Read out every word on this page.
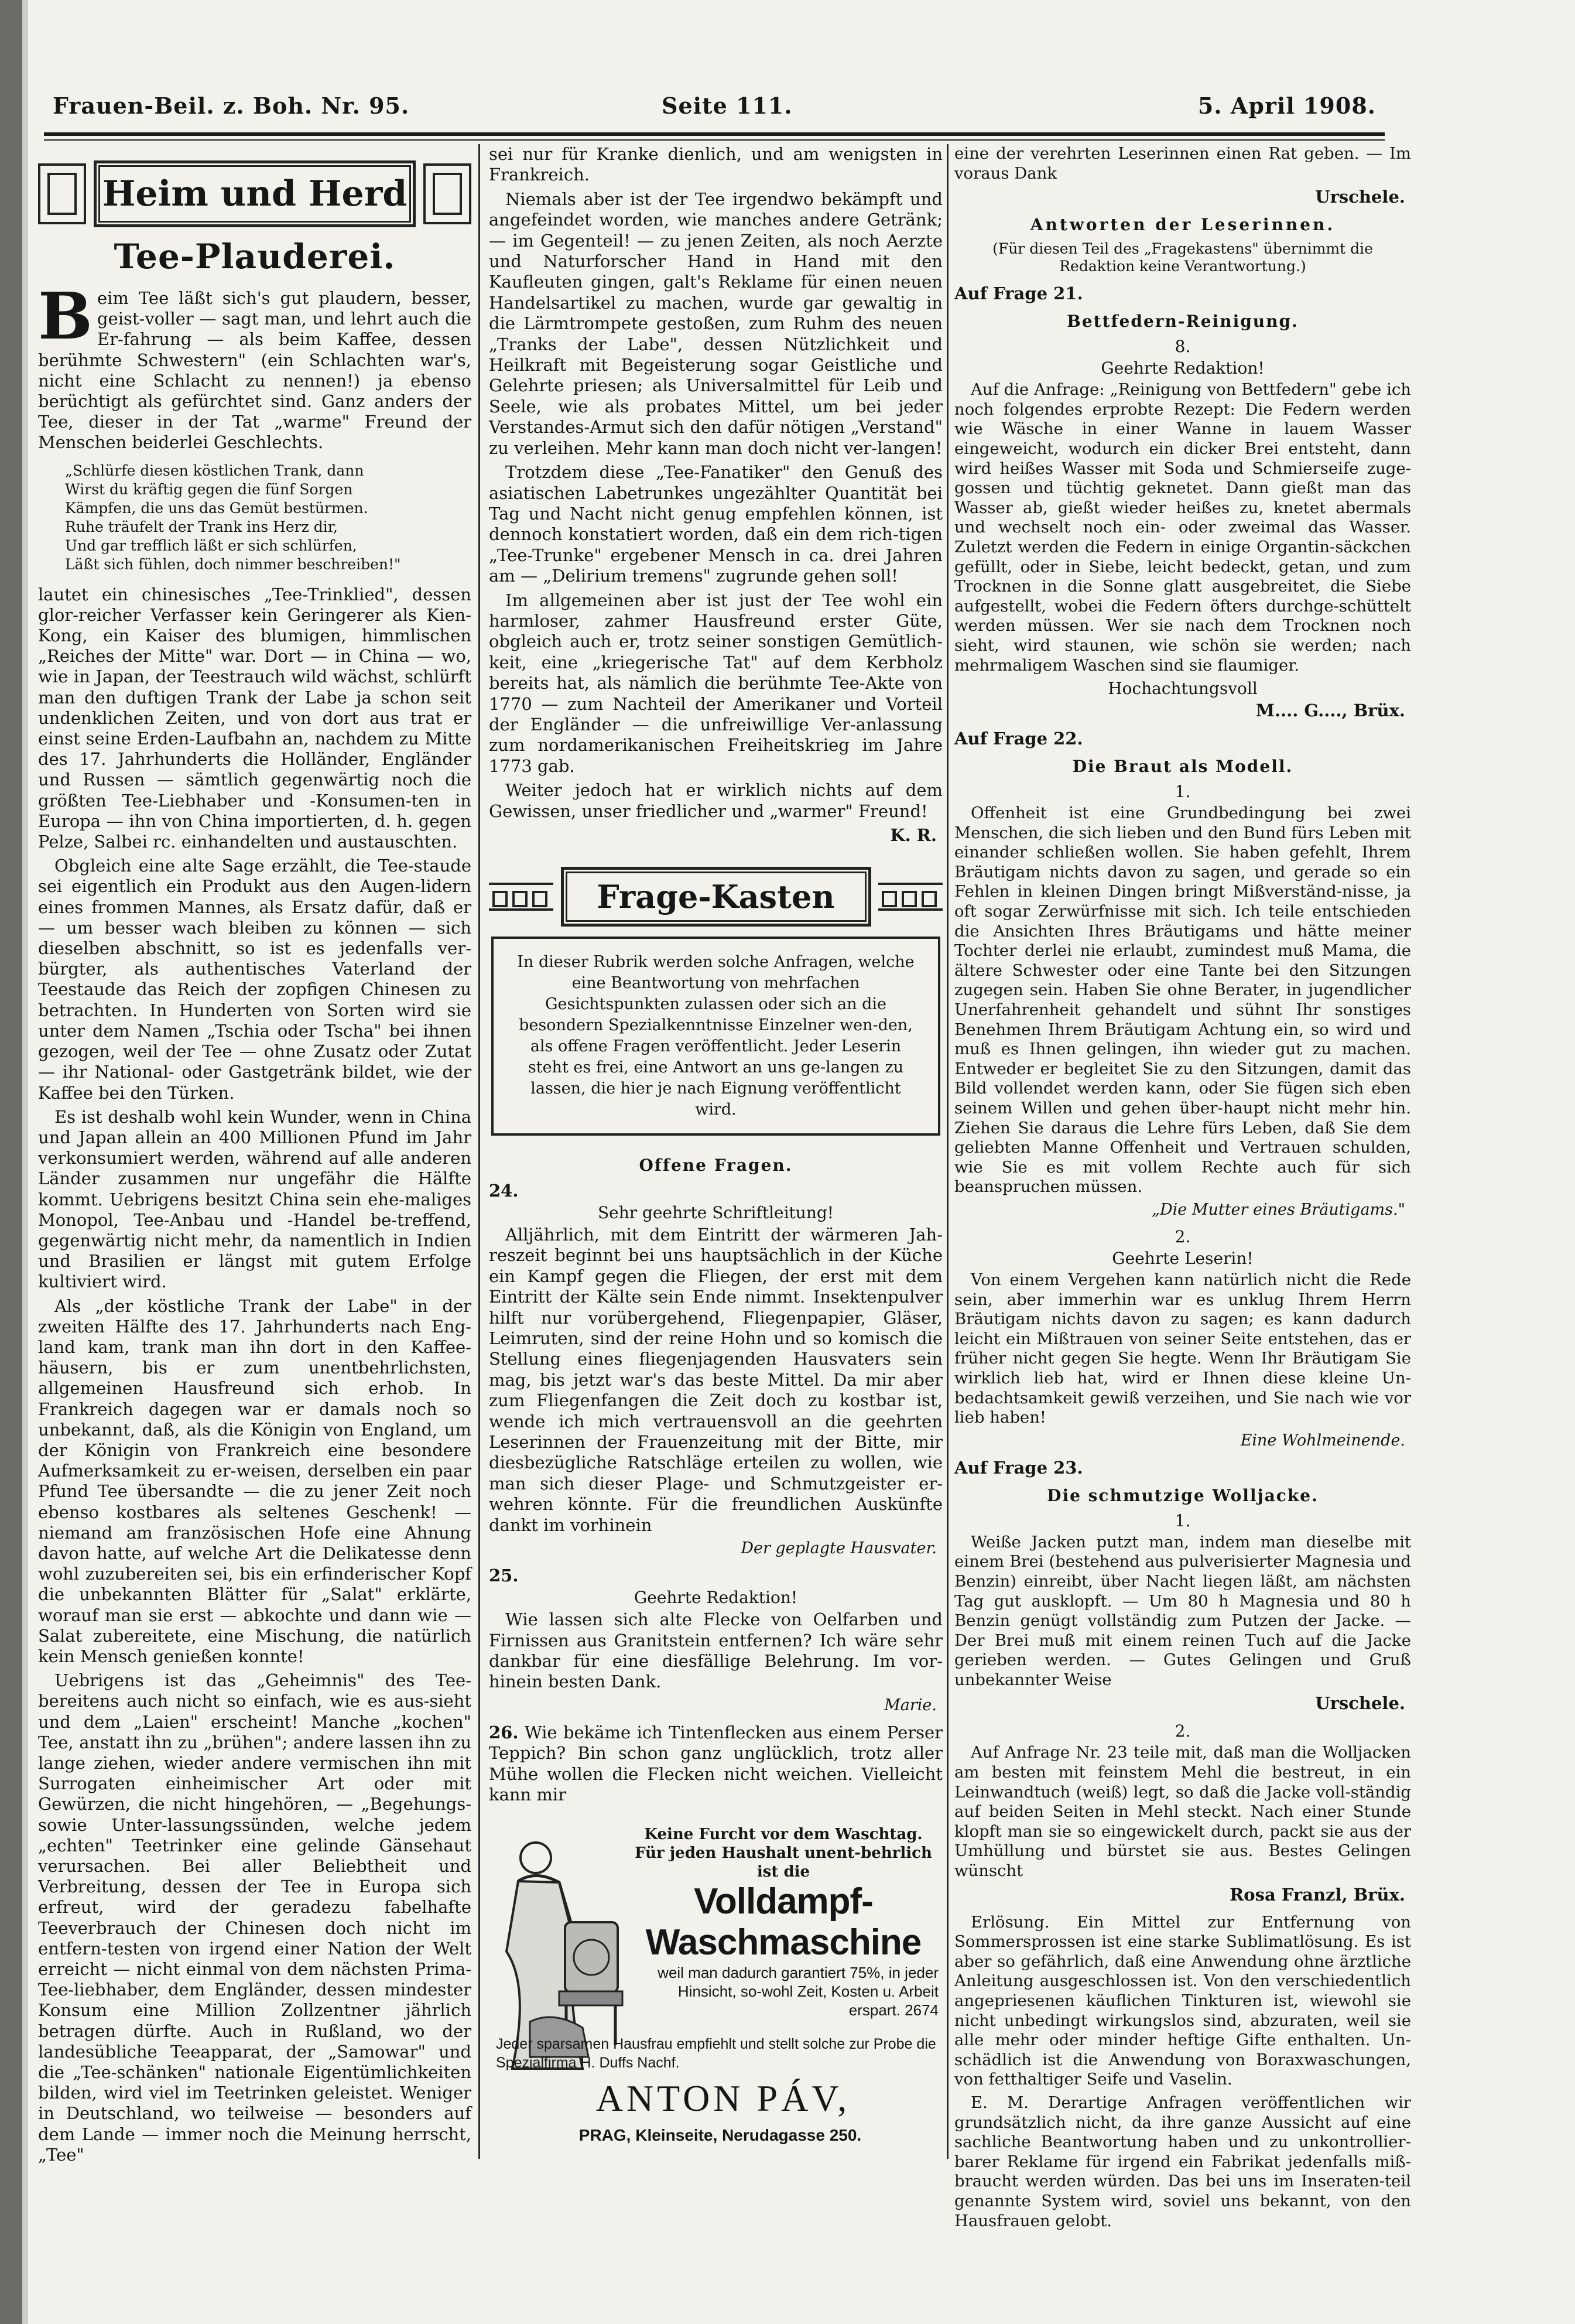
Frauen-Beil. z. Boh. Nr. 95.	Seite 111.	5. April 1908.
Heim und Herd
Tee-Plauderei.

Beim Tee läßt sich's gut plaudern, besser, geist-voller — sagt man, und lehrt auch die Er-fahrung — als beim Kaffee, dessen berühmte Schwestern" (ein Schlachten war's, nicht eine Schlacht zu nennen!) ja ebenso berüchtigt als gefürchtet sind. Ganz anders der Tee, dieser in der Tat „warme" Freund der Menschen beiderlei Geschlechts.

„Schlürfe diesen köstlichen Trank, dann
Wirst du kräftig gegen die fünf Sorgen
Kämpfen, die uns das Gemüt bestürmen.
Ruhe träufelt der Trank ins Herz dir,
Und gar trefflich läßt er sich schlürfen,
Läßt sich fühlen, doch nimmer beschreiben!"

lautet ein chinesisches „Tee-Trinklied", dessen glor-reicher Verfasser kein Geringerer als Kien-Kong, ein Kaiser des blumigen, himmlischen „Reiches der Mitte" war. Dort — in China — wo, wie in Japan, der Teestrauch wild wächst, schlürft man den duftigen Trank der Labe ja schon seit undenklichen Zeiten, und von dort aus trat er einst seine Erden-Laufbahn an, nachdem zu Mitte des 17. Jahrhunderts die Holländer, Engländer und Russen — sämtlich gegenwärtig noch die größten Tee-Liebhaber und -Konsumen-ten in Europa — ihn von China importierten, d. h. gegen Pelze, Salbei rc. einhandelten und austauschten.

Obgleich eine alte Sage erzählt, die Tee-staude sei eigentlich ein Produkt aus den Augen-lidern eines frommen Mannes, als Ersatz dafür, daß er — um besser wach bleiben zu können — sich dieselben abschnitt, so ist es jedenfalls ver-bürgter, als authentisches Vaterland der Teestaude das Reich der zopfigen Chinesen zu betrachten. In Hunderten von Sorten wird sie unter dem Namen „Tschia oder Tscha" bei ihnen gezogen, weil der Tee — ohne Zusatz oder Zutat — ihr National- oder Gastgetränk bildet, wie der Kaffee bei den Türken.

Es ist deshalb wohl kein Wunder, wenn in China und Japan allein an 400 Millionen Pfund im Jahr verkonsumiert werden, während auf alle anderen Länder zusammen nur ungefähr die Hälfte kommt. Uebrigens besitzt China sein ehe-maliges Monopol, Tee-Anbau und -Handel be-treffend, gegenwärtig nicht mehr, da namentlich in Indien und Brasilien er längst mit gutem Erfolge kultiviert wird.

Als „der köstliche Trank der Labe" in der zweiten Hälfte des 17. Jahrhunderts nach Eng-land kam, trank man ihn dort in den Kaffee-häusern, bis er zum unentbehrlichsten, allgemeinen Hausfreund sich erhob. In Frankreich dagegen war er damals noch so unbekannt, daß, als die Königin von England, um der Königin von Frankreich eine besondere Aufmerksamkeit zu er-weisen, derselben ein paar Pfund Tee übersandte — die zu jener Zeit noch ebenso kostbares als seltenes Geschenk! — niemand am französischen Hofe eine Ahnung davon hatte, auf welche Art die Delikatesse denn wohl zuzubereiten sei, bis ein erfinderischer Kopf die unbekannten Blätter für „Salat" erklärte, worauf man sie erst — abkochte und dann wie — Salat zubereitete, eine Mischung, die natürlich kein Mensch genießen konnte!

Uebrigens ist das „Geheimnis" des Tee-bereitens auch nicht so einfach, wie es aus-sieht und dem „Laien" erscheint! Manche „kochen" Tee, anstatt ihn zu „brühen"; andere lassen ihn zu lange ziehen, wieder andere vermischen ihn mit Surrogaten einheimischer Art oder mit Gewürzen, die nicht hingehören, — „Begehungs- sowie Unter-lassungssünden, welche jedem „echten" Teetrinker eine gelinde Gänsehaut verursachen. Bei aller Beliebtheit und Verbreitung, dessen der Tee in Europa sich erfreut, wird der geradezu fabelhafte Teeverbrauch der Chinesen doch nicht im entfern-testen von irgend einer Nation der Welt erreicht — nicht einmal von dem nächsten Prima-Tee-liebhaber, dem Engländer, dessen mindester Konsum eine Million Zollzentner jährlich betragen dürfte. Auch in Rußland, wo der landesübliche Teeapparat, der „Samowar" und die „Tee-schänken" nationale Eigentümlichkeiten bilden, wird viel im Teetrinken geleistet. Weniger in Deutschland, wo teilweise — besonders auf dem Lande — immer noch die Meinung herrscht, „Tee"

sei nur für Kranke dienlich, und am wenigsten in Frankreich.

Niemals aber ist der Tee irgendwo bekämpft und angefeindet worden, wie manches andere Getränk; — im Gegenteil! — zu jenen Zeiten, als noch Aerzte und Naturforscher Hand in Hand mit den Kaufleuten gingen, galt's Reklame für einen neuen Handelsartikel zu machen, wurde gar gewaltig in die Lärmtrompete gestoßen, zum Ruhm des neuen „Tranks der Labe", dessen Nützlichkeit und Heilkraft mit Begeisterung sogar Geistliche und Gelehrte priesen; als Universalmittel für Leib und Seele, wie als probates Mittel, um bei jeder Verstandes-Armut sich den dafür nötigen „Verstand" zu verleihen. Mehr kann man doch nicht ver-langen!

Trotzdem diese „Tee-Fanatiker" den Genuß des asiatischen Labetrunkes ungezählter Quantität bei Tag und Nacht nicht genug empfehlen können, ist dennoch konstatiert worden, daß ein dem rich-tigen „Tee-Trunke" ergebener Mensch in ca. drei Jahren am — „Delirium tremens" zugrunde gehen soll!

Im allgemeinen aber ist just der Tee wohl ein harmloser, zahmer Hausfreund erster Güte, obgleich auch er, trotz seiner sonstigen Gemütlich-keit, eine „kriegerische Tat" auf dem Kerbholz bereits hat, als nämlich die berühmte Tee-Akte von 1770 — zum Nachteil der Amerikaner und Vorteil der Engländer — die unfreiwillige Ver-anlassung zum nordamerikanischen Freiheitskrieg im Jahre 1773 gab.

Weiter jedoch hat er wirklich nichts auf dem Gewissen, unser friedlicher und „warmer" Freund!

K. R.
Frage-Kasten
In dieser Rubrik werden solche Anfragen, welche eine Beantwortung von mehrfachen Gesichtspunkten zulassen oder sich an die besondern Spezialkenntnisse Einzelner wen-den, als offene Fragen veröffentlicht. Jeder Leserin steht es frei, eine Antwort an uns ge-langen zu lassen, die hier je nach Eignung veröffentlicht wird.
Offene Fragen.
24.
Sehr geehrte Schriftleitung!

Alljährlich, mit dem Eintritt der wärmeren Jah-reszeit beginnt bei uns hauptsächlich in der Küche ein Kampf gegen die Fliegen, der erst mit dem Eintritt der Kälte sein Ende nimmt. Insektenpulver hilft nur vorübergehend, Fliegenpapier, Gläser, Leimruten, sind der reine Hohn und so komisch die Stellung eines fliegenjagenden Hausvaters sein mag, bis jetzt war's das beste Mittel. Da mir aber zum Fliegenfangen die Zeit doch zu kostbar ist, wende ich mich vertrauensvoll an die geehrten Leserinnen der Frauenzeitung mit der Bitte, mir diesbezügliche Ratschläge erteilen zu wollen, wie man sich dieser Plage- und Schmutzgeister er-wehren könnte. Für die freundlichen Auskünfte dankt im vorhinein

Der geplagte Hausvater.
25.
Geehrte Redaktion!

Wie lassen sich alte Flecke von Oelfarben und Firnissen aus Granitstein entfernen? Ich wäre sehr dankbar für eine diesfällige Belehrung. Im vor-hinein besten Dank.

Marie.

26. Wie bekäme ich Tintenflecken aus einem Perser Teppich? Bin schon ganz unglücklich, trotz aller Mühe wollen die Flecken nicht weichen. Vielleicht kann mir

Keine Furcht vor dem Waschtag.
Für jeden Haushalt unent-behrlich ist die
Volldampf-
Waschmaschine
weil man dadurch garantiert 75%, in jeder Hinsicht, so-wohl Zeit, Kosten u. Arbeit erspart. 2674
Jeder sparsamen Hausfrau empfiehlt und stellt solche zur Probe die Spezialfirma H. Duffs Nachf.
ANTON PÁV,
PRAG, Kleinseite, Nerudagasse 250.

eine der verehrten Leserinnen einen Rat geben. — Im voraus Dank

Urschele.
Antworten der Leserinnen.
(Für diesen Teil des „Fragekastens" übernimmt die Redaktion keine Verantwortung.)
Auf Frage 21.
Bettfedern-Reinigung.
8.
Geehrte Redaktion!

Auf die Anfrage: „Reinigung von Bettfedern" gebe ich noch folgendes erprobte Rezept: Die Federn werden wie Wäsche in einer Wanne in lauem Wasser eingeweicht, wodurch ein dicker Brei entsteht, dann wird heißes Wasser mit Soda und Schmierseife zuge-gossen und tüchtig geknetet. Dann gießt man das Wasser ab, gießt wieder heißes zu, knetet abermals und wechselt noch ein- oder zweimal das Wasser. Zuletzt werden die Federn in einige Organtin-säckchen gefüllt, oder in Siebe, leicht bedeckt, getan, und zum Trocknen in die Sonne glatt ausgebreitet, die Siebe aufgestellt, wobei die Federn öfters durchge-schüttelt werden müssen. Wer sie nach dem Trocknen noch sieht, wird staunen, wie schön sie werden; nach mehrmaligem Waschen sind sie flaumiger.

Hochachtungsvoll
M.... G...., Brüx.
Auf Frage 22.
Die Braut als Modell.
1.

Offenheit ist eine Grundbedingung bei zwei Menschen, die sich lieben und den Bund fürs Leben mit einander schließen wollen. Sie haben gefehlt, Ihrem Bräutigam nichts davon zu sagen, und gerade so ein Fehlen in kleinen Dingen bringt Mißverständ-nisse, ja oft sogar Zerwürfnisse mit sich. Ich teile entschieden die Ansichten Ihres Bräutigams und hätte meiner Tochter derlei nie erlaubt, zumindest muß Mama, die ältere Schwester oder eine Tante bei den Sitzungen zugegen sein. Haben Sie ohne Berater, in jugendlicher Unerfahrenheit gehandelt und sühnt Ihr sonstiges Benehmen Ihrem Bräutigam Achtung ein, so wird und muß es Ihnen gelingen, ihn wieder gut zu machen. Entweder er begleitet Sie zu den Sitzungen, damit das Bild vollendet werden kann, oder Sie fügen sich eben seinem Willen und gehen über-haupt nicht mehr hin. Ziehen Sie daraus die Lehre fürs Leben, daß Sie dem geliebten Manne Offenheit und Vertrauen schulden, wie Sie es mit vollem Rechte auch für sich beanspruchen müssen.

„Die Mutter eines Bräutigams."
2.
Geehrte Leserin!

Von einem Vergehen kann natürlich nicht die Rede sein, aber immerhin war es unklug Ihrem Herrn Bräutigam nichts davon zu sagen; es kann dadurch leicht ein Mißtrauen von seiner Seite entstehen, das er früher nicht gegen Sie hegte. Wenn Ihr Bräutigam Sie wirklich lieb hat, wird er Ihnen diese kleine Un-bedachtsamkeit gewiß verzeihen, und Sie nach wie vor lieb haben!

Eine Wohlmeinende.
Auf Frage 23.
Die schmutzige Wolljacke.
1.

Weiße Jacken putzt man, indem man dieselbe mit einem Brei (bestehend aus pulverisierter Magnesia und Benzin) einreibt, über Nacht liegen läßt, am nächsten Tag gut ausklopft. — Um 80 h Magnesia und 80 h Benzin genügt vollständig zum Putzen der Jacke. — Der Brei muß mit einem reinen Tuch auf die Jacke gerieben werden. — Gutes Gelingen und Gruß unbekannter Weise

Urschele.
2.

Auf Anfrage Nr. 23 teile mit, daß man die Wolljacken am besten mit feinstem Mehl die bestreut, in ein Leinwandtuch (weiß) legt, so daß die Jacke voll-ständig auf beiden Seiten in Mehl steckt. Nach einer Stunde klopft man sie so eingewickelt durch, packt sie aus der Umhüllung und bürstet sie aus. Bestes Gelingen wünscht

Rosa Franzl, Brüx.

Erlösung. Ein Mittel zur Entfernung von Sommersprossen ist eine starke Sublimatlösung. Es ist aber so gefährlich, daß eine Anwendung ohne ärztliche Anleitung ausgeschlossen ist. Von den verschiedentlich angepriesenen käuflichen Tinkturen ist, wiewohl sie nicht unbedingt wirkungslos sind, abzuraten, weil sie alle mehr oder minder heftige Gifte enthalten. Un-schädlich ist die Anwendung von Boraxwaschungen, von fetthaltiger Seife und Vaselin.

E. M. Derartige Anfragen veröffentlichen wir grundsätzlich nicht, da ihre ganze Aussicht auf eine sachliche Beantwortung haben und zu unkontrollier-barer Reklame für irgend ein Fabrikat jedenfalls miß-braucht werden würden. Das bei uns im Inseraten-teil genannte System wird, soviel uns bekannt, von den Hausfrauen gelobt.
